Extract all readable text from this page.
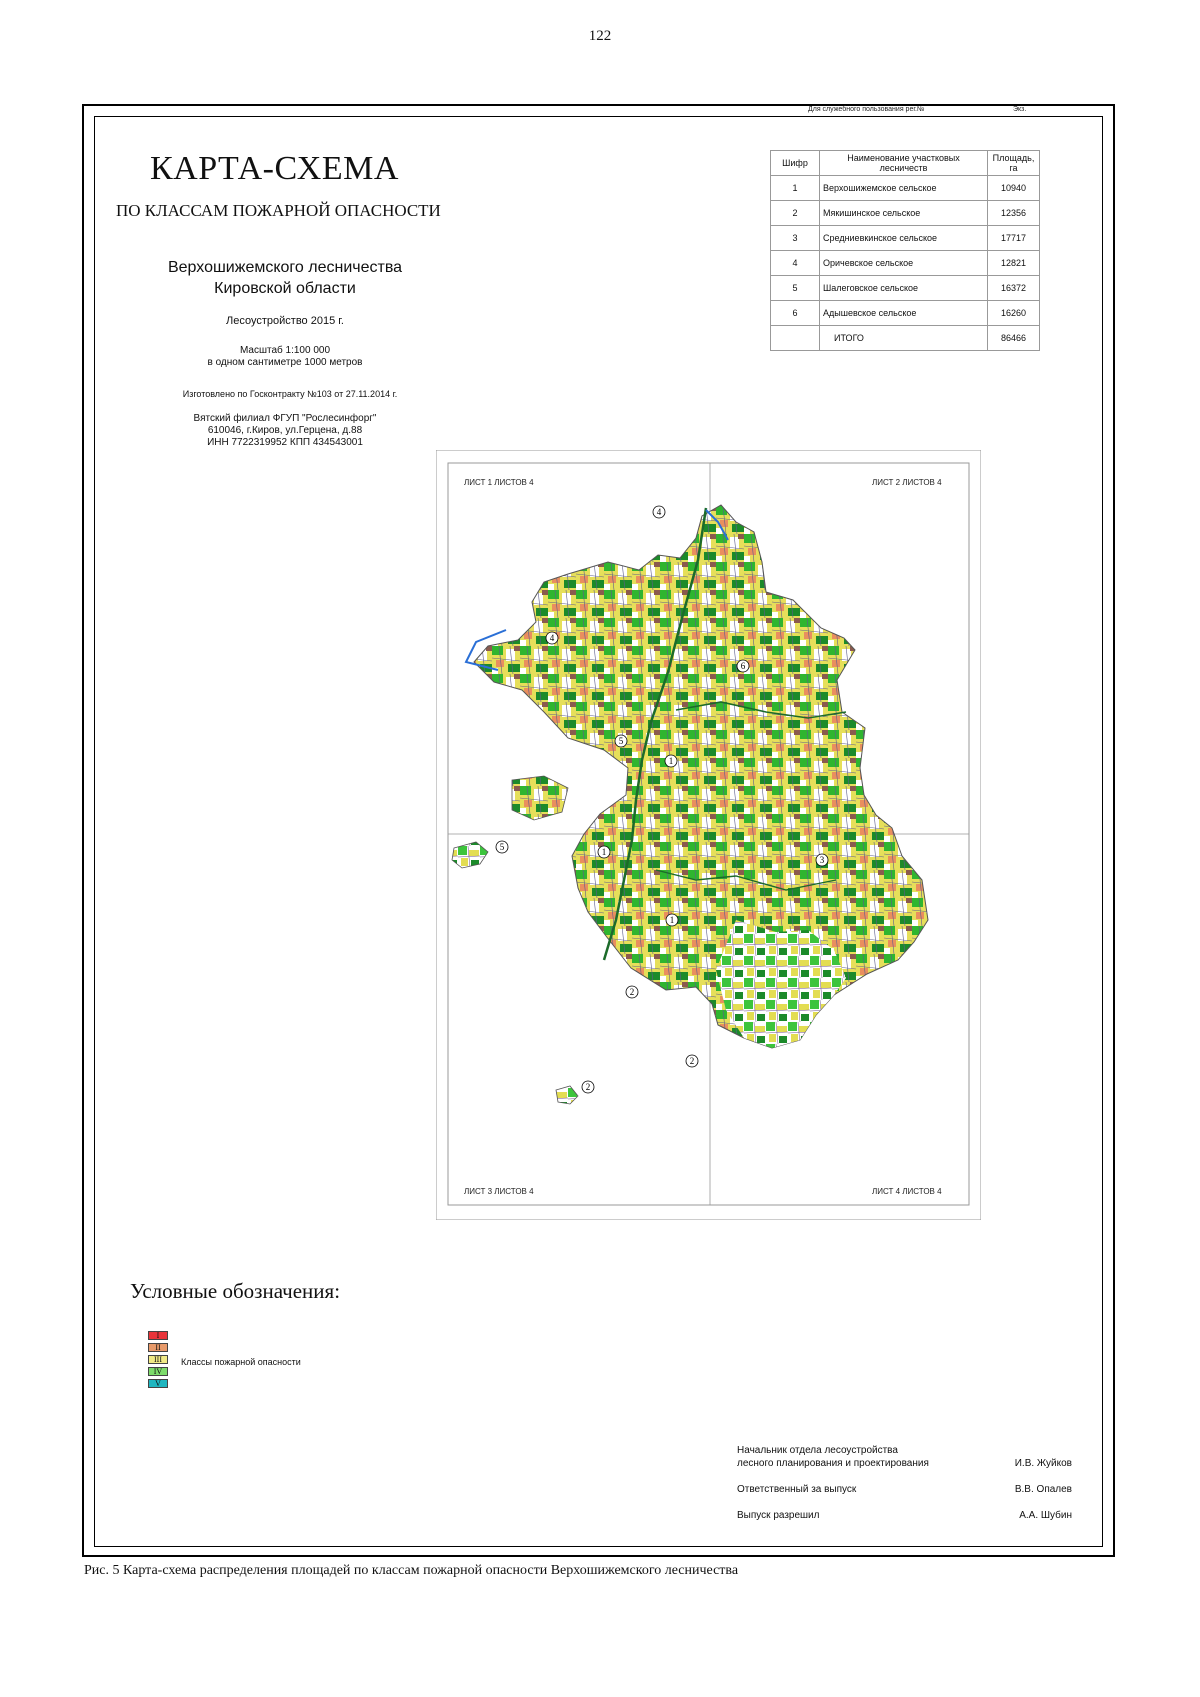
122
Для служебного пользования рег.№	Экз.
КАРТА-СХЕМА
ПО КЛАССАМ ПОЖАРНОЙ ОПАСНОСТИ
Верхошижемского лесничества
Кировской области
Лесоустройство 2015 г.
Масштаб 1:100 000
в одном сантиметре 1000 метров
Изготовлено по Госконтракту №103 от 27.11.2014 г.
Вятский филиал ФГУП "Рослесинфорг"
610046, г.Киров, ул.Герцена, д.88
ИНН 7722319952 КПП 434543001
Шифр	Наименование участковых лесничеств	Площадь, га
1	Верхошижемское сельское	10940
2	Мякишинское сельское	12356
3	Средниевкинское сельское	17717
4	Оричевское сельское	12821
5	Шалеговское сельское	16372
6	Адышевское сельское	16260
	ИТОГО	86466
ЛИСТ 1 ЛИСТОВ 4	ЛИСТ 2 ЛИСТОВ 4
ЛИСТ 3 ЛИСТОВ 4	ЛИСТ 4 ЛИСТОВ 4
4
4
6
5
1
5	1
3
1
2
2
2
Условные обозначения:
I
II
III
IV
V
Классы пожарной опасности
Начальник отдела лесоустройства
лесного планирования и проектирования	И.В. Жуйков
Ответственный за выпуск	В.В. Опалев
Выпуск разрешил	А.А. Шубин
Рис. 5 Карта-схема распределения площадей по классам пожарной опасности Верхошижемского лесничества
